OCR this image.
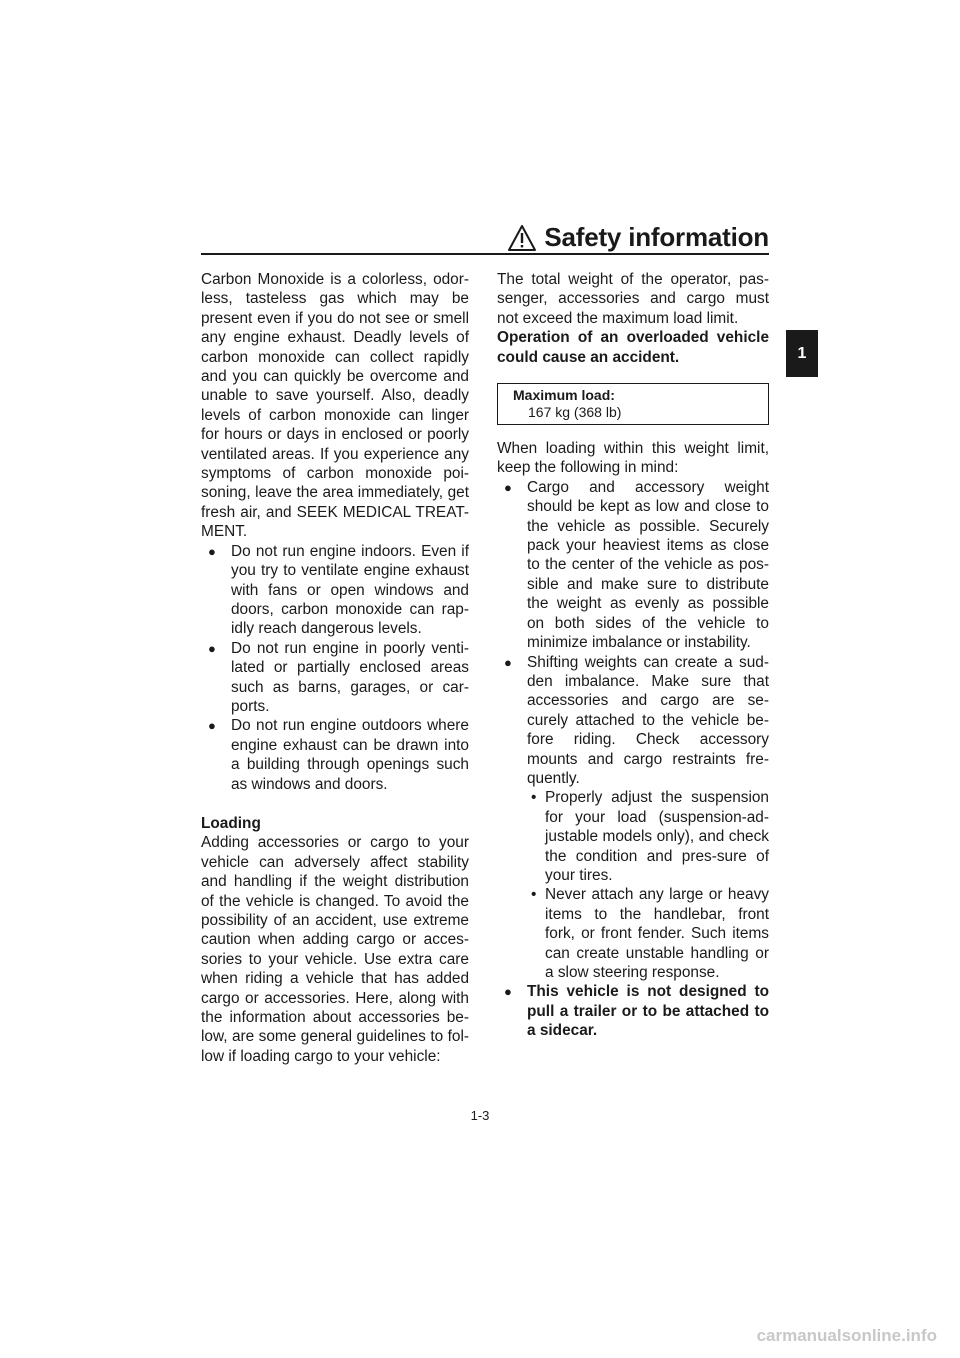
Safety information
1

Carbon Monoxide is a colorless, odor-less, tasteless gas which may be present even if you do not see or smell any engine exhaust. Deadly levels of carbon monoxide can collect rapidly and you can quickly be overcome and unable to save yourself. Also, deadly levels of carbon monoxide can linger for hours or days in enclosed or poorly ventilated areas. If you experience any symptoms of carbon monoxide poi-soning, leave the area immediately, get fresh air, and SEEK MEDICAL TREAT-MENT.

● Do not run engine indoors. Even if you try to ventilate engine exhaust with fans or open windows and doors, carbon monoxide can rap-idly reach dangerous levels.
● Do not run engine in poorly venti-lated or partially enclosed areas such as barns, garages, or car-ports.
● Do not run engine outdoors where engine exhaust can be drawn into a building through openings such as windows and doors.

Loading

Adding accessories or cargo to your vehicle can adversely affect stability and handling if the weight distribution of the vehicle is changed. To avoid the possibility of an accident, use extreme caution when adding cargo or acces-sories to your vehicle. Use extra care when riding a vehicle that has added cargo or accessories. Here, along with the information about accessories be-low, are some general guidelines to fol-low if loading cargo to your vehicle:

The total weight of the operator, pas-senger, accessories and cargo must not exceed the maximum load limit.

Operation of an overloaded vehicle could cause an accident.

Maximum load:
167 kg (368 lb)

When loading within this weight limit, keep the following in mind:

● Cargo and accessory weight should be kept as low and close to the vehicle as possible. Securely pack your heaviest items as close to the center of the vehicle as pos-sible and make sure to distribute the weight as evenly as possible on both sides of the vehicle to minimize imbalance or instability.
● Shifting weights can create a sud-den imbalance. Make sure that accessories and cargo are se-curely attached to the vehicle be-fore riding. Check accessory mounts and cargo restraints fre-quently.
• Properly adjust the suspension for your load (suspension-ad-justable models only), and check the condition and pres-sure of your tires.
• Never attach any large or heavy items to the handlebar, front fork, or front fender. Such items can create unstable handling or a slow steering response.
● This vehicle is not designed to pull a trailer or to be attached to a sidecar.
1-3
carmanualsonline.info
